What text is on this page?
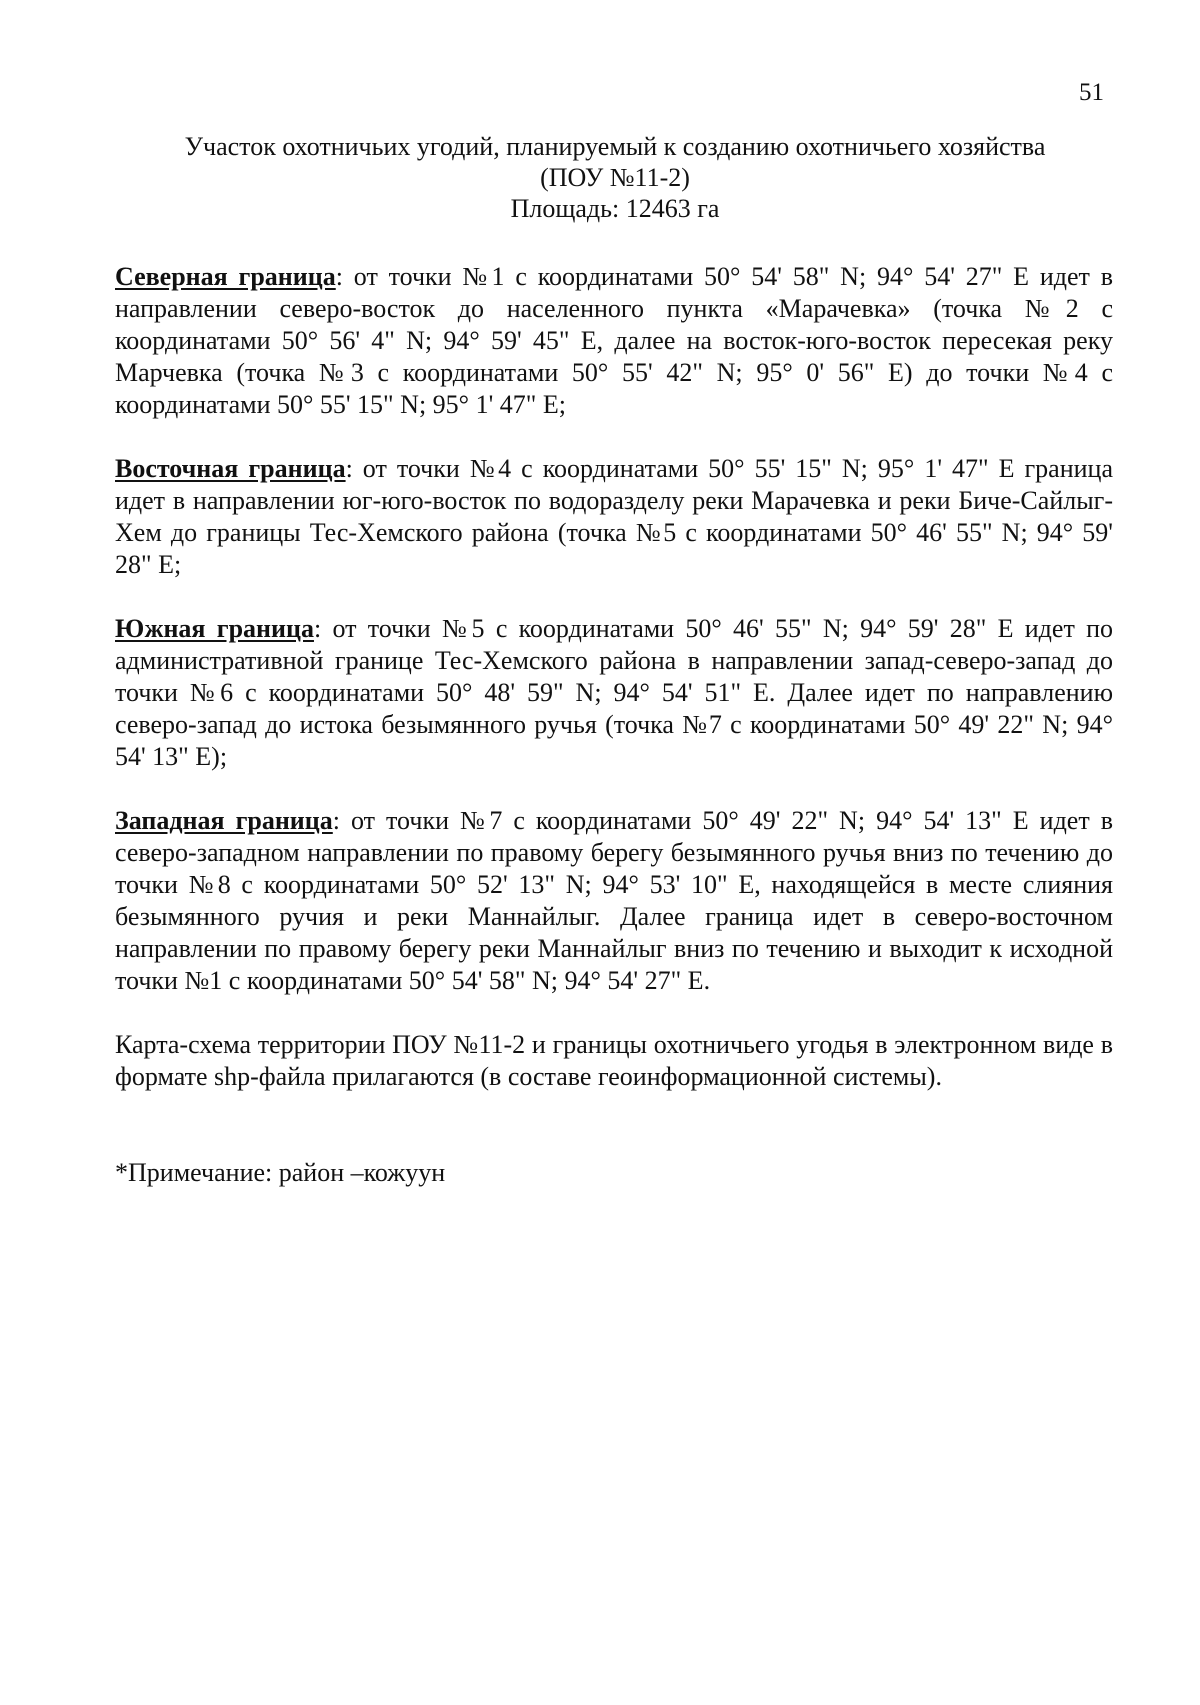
51
Участок охотничьих угодий, планируемый к созданию охотничьего хозяйства
(ПОУ №11-2)
Площадь: 12463 га

Северная граница: от точки №1 с координатами 50° 54' 58" N; 94° 54' 27" E идет в направлении северо-восток до населенного пункта «Марачевка» (точка №2 с координатами 50° 56' 4" N; 94° 59' 45" E, далее на восток-юго-восток пересекая реку Марчевка (точка №3 с координатами 50° 55' 42" N; 95° 0' 56" E) до точки №4 с координатами 50° 55' 15" N; 95° 1' 47" E;

Восточная граница: от точки №4 с координатами 50° 55' 15" N; 95° 1' 47" E граница идет в направлении юг-юго-восток по водоразделу реки Марачевка и реки Биче-Сайлыг-Хем до границы Тес-Хемского района (точка №5 с координатами 50° 46' 55" N; 94° 59' 28" E;

Южная граница: от точки №5 с координатами 50° 46' 55" N; 94° 59' 28" E идет по административной границе Тес-Хемского района в направлении запад-северо-запад до точки №6 с координатами 50° 48' 59" N; 94° 54' 51" E. Далее идет по направлению северо-запад до истока безымянного ручья (точка №7 с координатами 50° 49' 22" N; 94° 54' 13" E);

Западная граница: от точки №7 с координатами 50° 49' 22" N; 94° 54' 13" E идет в северо-западном направлении по правому берегу безымянного ручья вниз по течению до точки №8 с координатами 50° 52' 13" N; 94° 53' 10" E, находящейся в месте слияния безымянного ручия и реки Маннайлыг. Далее граница идет в северо-восточном направлении по правому берегу реки Маннайлыг вниз по течению и выходит к исходной точки №1 с координатами 50° 54' 58" N; 94° 54' 27" E.

Карта-схема территории ПОУ №11-2 и границы охотничьего угодья в электронном виде в формате shp-файла прилагаются (в составе геоинформационной системы).

*Примечание: район –кожуун
